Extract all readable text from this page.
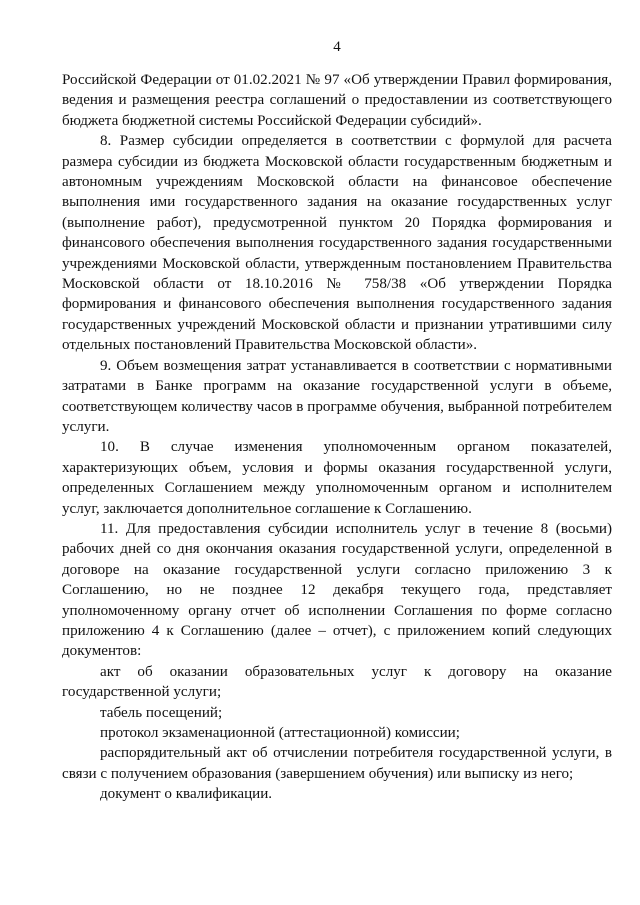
4

Российской Федерации от 01.02.2021 № 97 «Об утверждении Правил формирования, ведения и размещения реестра соглашений о предоставлении из соответствующего бюджета бюджетной системы Российской Федерации субсидий».

8. Размер субсидии определяется в соответствии с формулой для расчета размера субсидии из бюджета Московской области государственным бюджетным и автономным учреждениям Московской области на финансовое обеспечение выполнения ими государственного задания на оказание государственных услуг (выполнение работ), предусмотренной пунктом 20 Порядка формирования и финансового обеспечения выполнения государственного задания государственными учреждениями Московской области, утвержденным постановлением Правительства Московской области от 18.10.2016 № 758/38 «Об утверждении Порядка формирования и финансового обеспечения выполнения государственного задания государственных учреждений Московской области и признании утратившими силу отдельных постановлений Правительства Московской области».

9. Объем возмещения затрат устанавливается в соответствии с нормативными затратами в Банке программ на оказание государственной услуги в объеме, соответствующем количеству часов в программе обучения, выбранной потребителем услуги.

10. В случае изменения уполномоченным органом показателей, характеризующих объем, условия и формы оказания государственной услуги, определенных Соглашением между уполномоченным органом и исполнителем услуг, заключается дополнительное соглашение к Соглашению.

11. Для предоставления субсидии исполнитель услуг в течение 8 (восьми) рабочих дней со дня окончания оказания государственной услуги, определенной в договоре на оказание государственной услуги согласно приложению 3 к Соглашению, но не позднее 12 декабря текущего года, представляет уполномоченному органу отчет об исполнении Соглашения по форме согласно приложению 4 к Соглашению (далее – отчет), с приложением копий следующих документов:

акт об оказании образовательных услуг к договору на оказание государственной услуги;

табель посещений;

протокол экзаменационной (аттестационной) комиссии;

распорядительный акт об отчислении потребителя государственной услуги, в связи с получением образования (завершением обучения) или выписку из него;

документ о квалификации.
